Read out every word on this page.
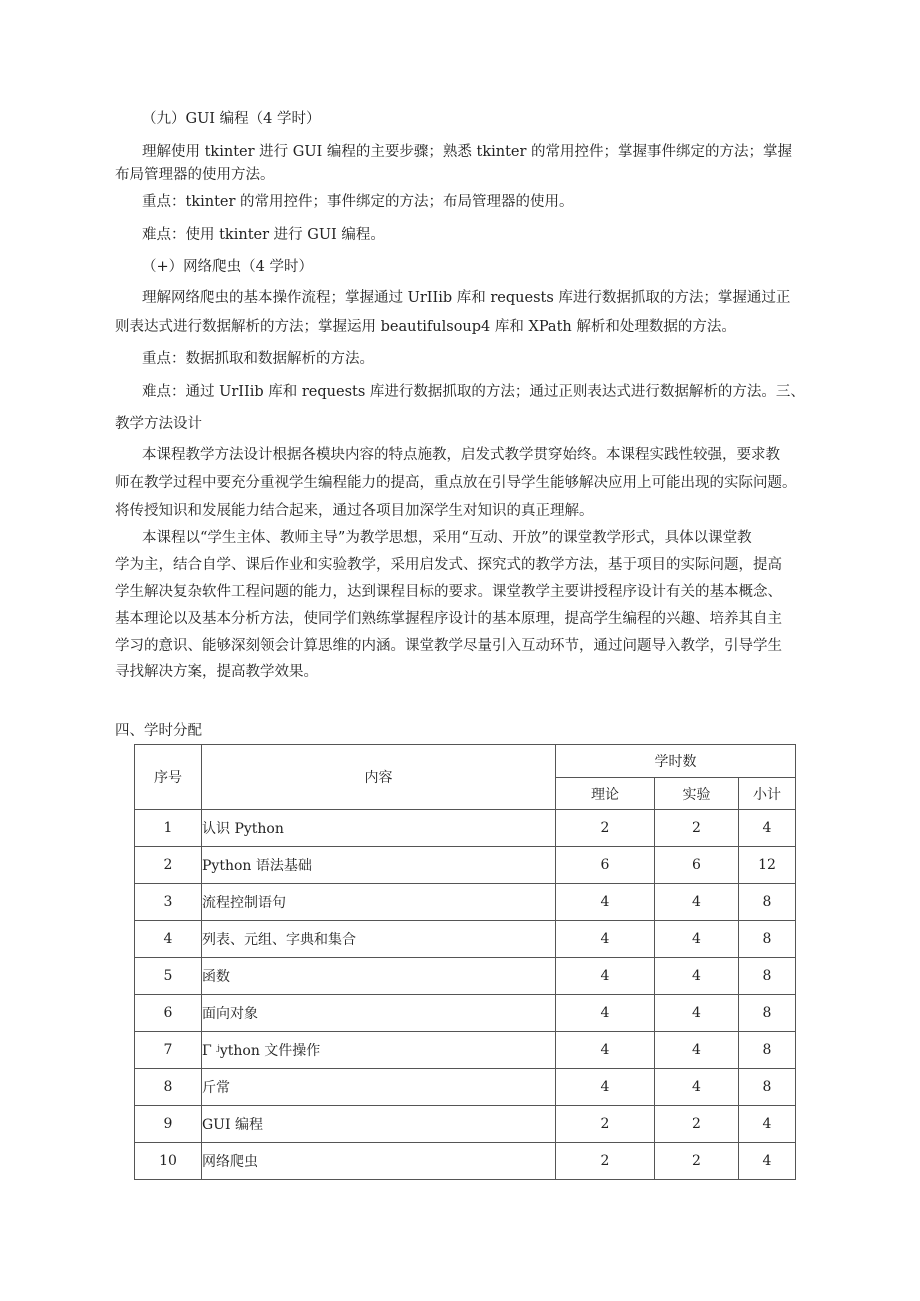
（九）GUI 编程（4 学时）
理解使用 tkinter 进行 GUI 编程的主要步骤；熟悉 tkinter 的常用控件；掌握事件绑定的方法；掌握
布局管理器的使用方法。
重点：tkinter 的常用控件；事件绑定的方法；布局管理器的使用。
难点：使用 tkinter 进行 GUI 编程。
（+）网络爬虫（4 学时）
理解网络爬虫的基本操作流程；掌握通过 UrIIib 库和 requests 库进行数据抓取的方法；掌握通过正
则表达式进行数据解析的方法；掌握运用 beautifulsoup4 库和 XPath 解析和处理数据的方法。
重点：数据抓取和数据解析的方法。
难点：通过 UrIIib 库和 requests 库进行数据抓取的方法；通过正则表达式进行数据解析的方法。三、
教学方法设计
本课程教学方法设计根据各模块内容的特点施教，启发式教学贯穿始终。本课程实践性较强，要求教
师在教学过程中要充分重视学生编程能力的提高，重点放在引导学生能够解决应用上可能出现的实际问题。
将传授知识和发展能力结合起来，通过各项目加深学生对知识的真正理解。
本课程以“学生主体、教师主导”为教学思想，采用“互动、开放”的课堂教学形式，具体以课堂教
学为主，结合自学、课后作业和实验教学，采用启发式、探究式的教学方法，基于项目的实际问题，提高
学生解决复杂软件工程问题的能力，达到课程目标的要求。课堂教学主要讲授程序设计有关的基本概念、
基本理论以及基本分析方法，使同学们熟练掌握程序设计的基本原理，提高学生编程的兴趣、培养其自主
学习的意识、能够深刻领会计算思维的内涵。课堂教学尽量引入互动环节，通过问题导入教学，引导学生
寻找解决方案，提高教学效果。
四、学时分配
序号	内容	学时数		
		理论	实验	小计
1	认识 Python	2	2	4
2	Python 语法基础	6	6	12
3	流程控制语句	4	4	8
4	列表、元组、字典和集合	4	4	8
5	函数	4	4	8
6	面向对象	4	4	8
7	Γ ʲython 文件操作	4	4	8
8	斤常	4	4	8
9	GUI 编程	2	2	4
10	网络爬虫	2	2	4
